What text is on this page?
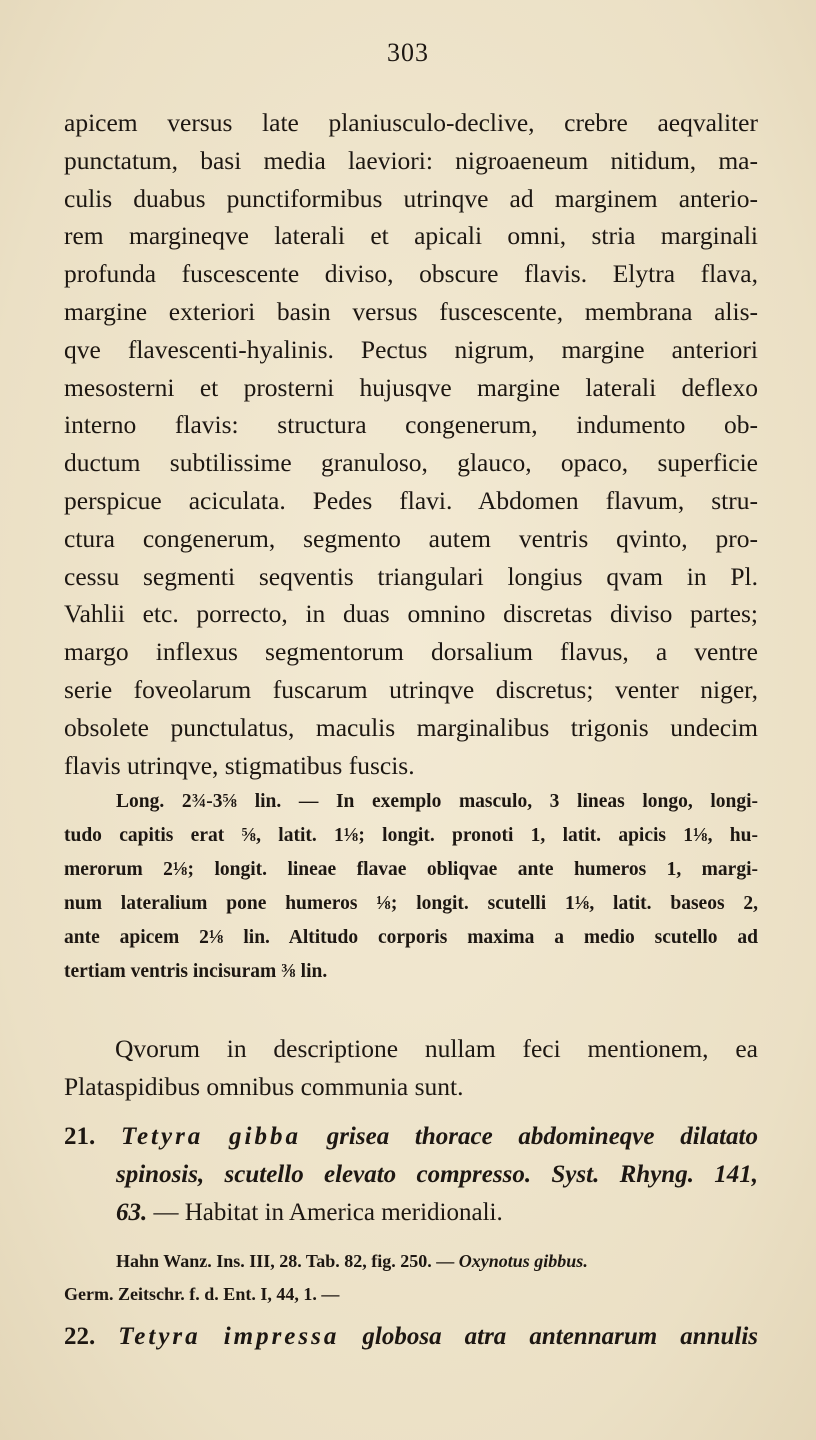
303
apicem versus late planiusculo-declive, crebre aeqvaliter
punctatum, basi media laeviori: nigroaeneum nitidum, ma-
culis duabus punctiformibus utrinqve ad marginem anterio-
rem margineqve laterali et apicali omni, stria marginali
profunda fuscescente diviso, obscure flavis. Elytra flava,
margine exteriori basin versus fuscescente, membrana alis-
qve flavescenti-hyalinis. Pectus nigrum, margine anteriori
mesosterni et prosterni hujusqve margine laterali deflexo
interno flavis: structura congenerum, indumento ob-
ductum subtilissime granuloso, glauco, opaco, superficie
perspicue aciculata. Pedes flavi. Abdomen flavum, stru-
ctura congenerum, segmento autem ventris qvinto, pro-
cessu segmenti seqventis triangulari longius qvam in Pl.
Vahlii etc. porrecto, in duas omnino discretas diviso partes;
margo inflexus segmentorum dorsalium flavus, a ventre
serie foveolarum fuscarum utrinqve discretus; venter niger,
obsolete punctulatus, maculis marginalibus trigonis undecim
flavis utrinqve, stigmatibus fuscis.
Long. 2¾-3⅝ lin. — In exemplo masculo, 3 lineas longo, longi-
tudo capitis erat ⅝, latit. 1⅛; longit. pronoti 1, latit. apicis 1⅛, hu-
merorum 2⅛; longit. lineae flavae obliqvae ante humeros 1, margi-
num lateralium pone humeros ⅛; longit. scutelli 1⅛, latit. baseos 2,
ante apicem 2⅛ lin. Altitudo corporis maxima a medio scutello ad
tertiam ventris incisuram ⅜ lin.
Qvorum in descriptione nullam feci mentionem, ea
Plataspidibus omnibus communia sunt.
21. Tetyra gibba grisea thorace abdomineqve dilatato
spinosis, scutello elevato compresso. Syst. Rhyng. 141,
63. — Habitat in America meridionali.
Hahn Wanz. Ins. III, 28. Tab. 82, fig. 250. — Oxynotus gibbus.
Germ. Zeitschr. f. d. Ent. I, 44, 1. —
22. Tetyra impressa globosa atra antennarum annulis
